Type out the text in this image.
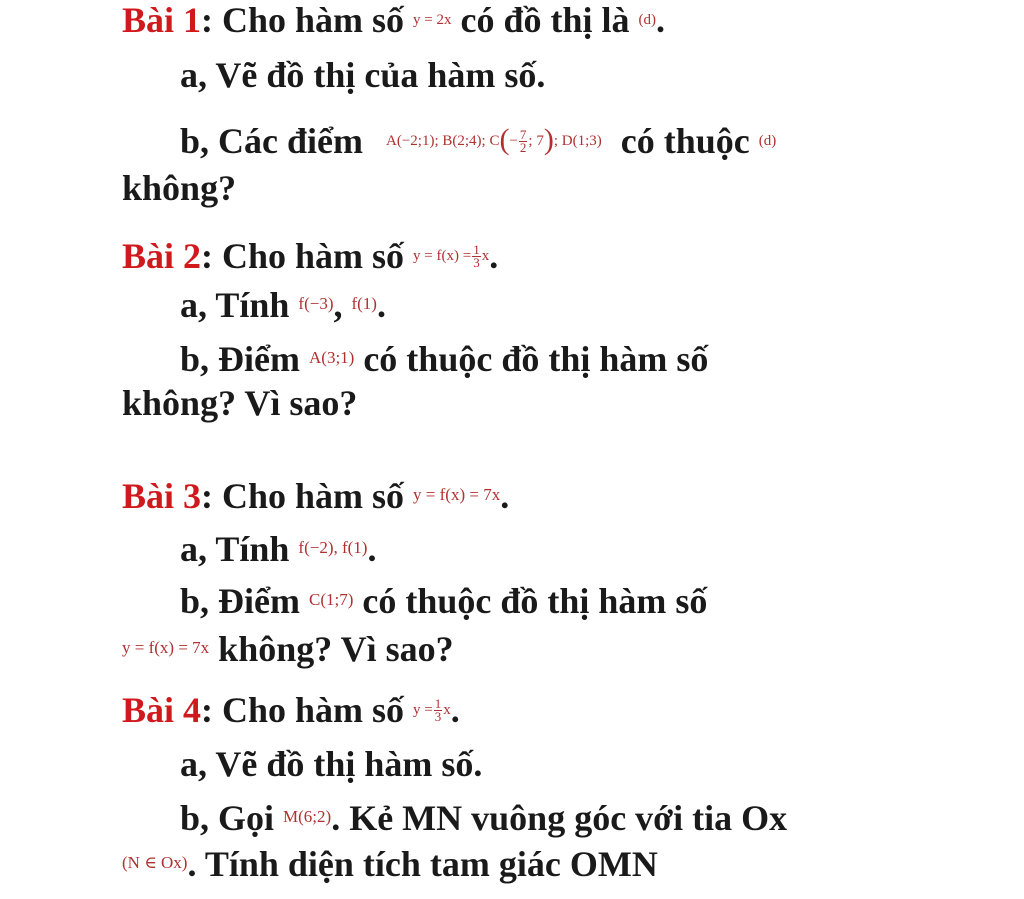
Bài 1: Cho hàm số $^{y = 2x}$ có đồ thị là $^{(d)}$.
a, Vẽ đồ thị của hàm số.
b, Các điểm $^{A(-2;1); B(2;4); C(- \frac{7}{2} ; 7); D(1;3)}$ có thuộc $^{(d)}$
không?
Bài 2: Cho hàm số $^{y = f(x) = \frac{1}{3} x}$.
a, Tính $^{f(-3)}$, $^{f(1)}$.
b, Điểm $^{A(3;1)}$ có thuộc đồ thị hàm số
không? Vì sao?
Bài 3: Cho hàm số $^{y = f(x) = 7x}$.
a, Tính $^{f(-2), f(1)}$.
b, Điểm $^{C(1;7)}$ có thuộc đồ thị hàm số
$^{y = f(x) = 7x}$ không? Vì sao?
Bài 4: Cho hàm số $^{y = \frac{1}{3} x}$.
a, Vẽ đồ thị hàm số.
b, Gọi $^{M(6;2)}$. Kẻ MN vuông góc với tia Ox
$^{(N \in Ox)}$. Tính diện tích tam giác OMN
